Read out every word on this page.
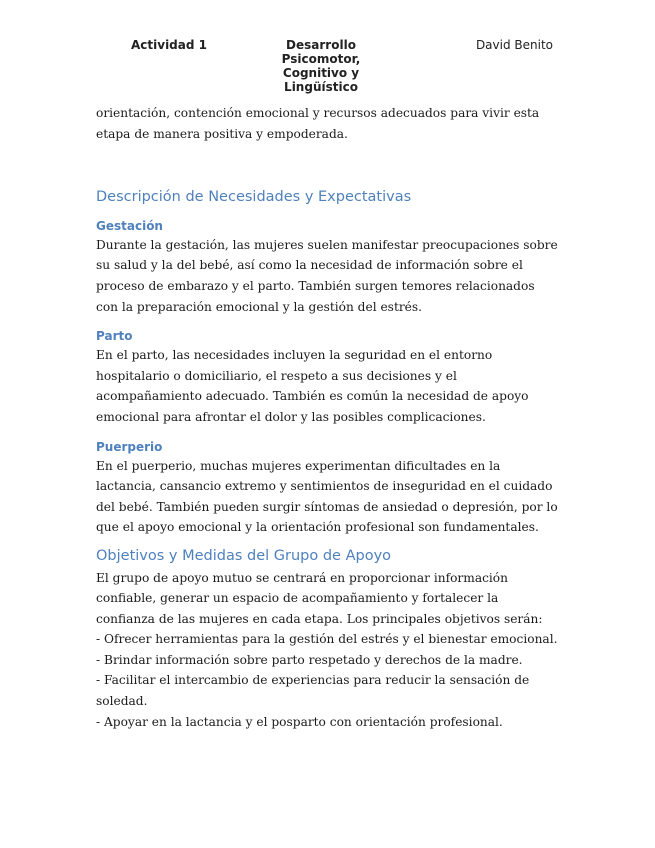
Actividad 1	Desarrollo
Psicomotor,
Cognitivo y
Lingüístico
David Benito

orientación, contención emocional y recursos adecuados para vivir esta etapa de manera positiva y empoderada.

Descripción de Necesidades y Expectativas
Gestación

Durante la gestación, las mujeres suelen manifestar preocupaciones sobre su salud y la del bebé, así como la necesidad de información sobre el proceso de embarazo y el parto. También surgen temores relacionados con la preparación emocional y la gestión del estrés.

Parto

En el parto, las necesidades incluyen la seguridad en el entorno hospitalario o domiciliario, el respeto a sus decisiones y el acompañamiento adecuado. También es común la necesidad de apoyo emocional para afrontar el dolor y las posibles complicaciones.

Puerperio

En el puerperio, muchas mujeres experimentan dificultades en la lactancia, cansancio extremo y sentimientos de inseguridad en el cuidado del bebé. También pueden surgir síntomas de ansiedad o depresión, por lo que el apoyo emocional y la orientación profesional son fundamentales.

Objetivos y Medidas del Grupo de Apoyo

El grupo de apoyo mutuo se centrará en proporcionar información confiable, generar un espacio de acompañamiento y fortalecer la confianza de las mujeres en cada etapa. Los principales objetivos serán:

- Ofrecer herramientas para la gestión del estrés y el bienestar emocional.

- Brindar información sobre parto respetado y derechos de la madre.

- Facilitar el intercambio de experiencias para reducir la sensación de soledad.

- Apoyar en la lactancia y el posparto con orientación profesional.
